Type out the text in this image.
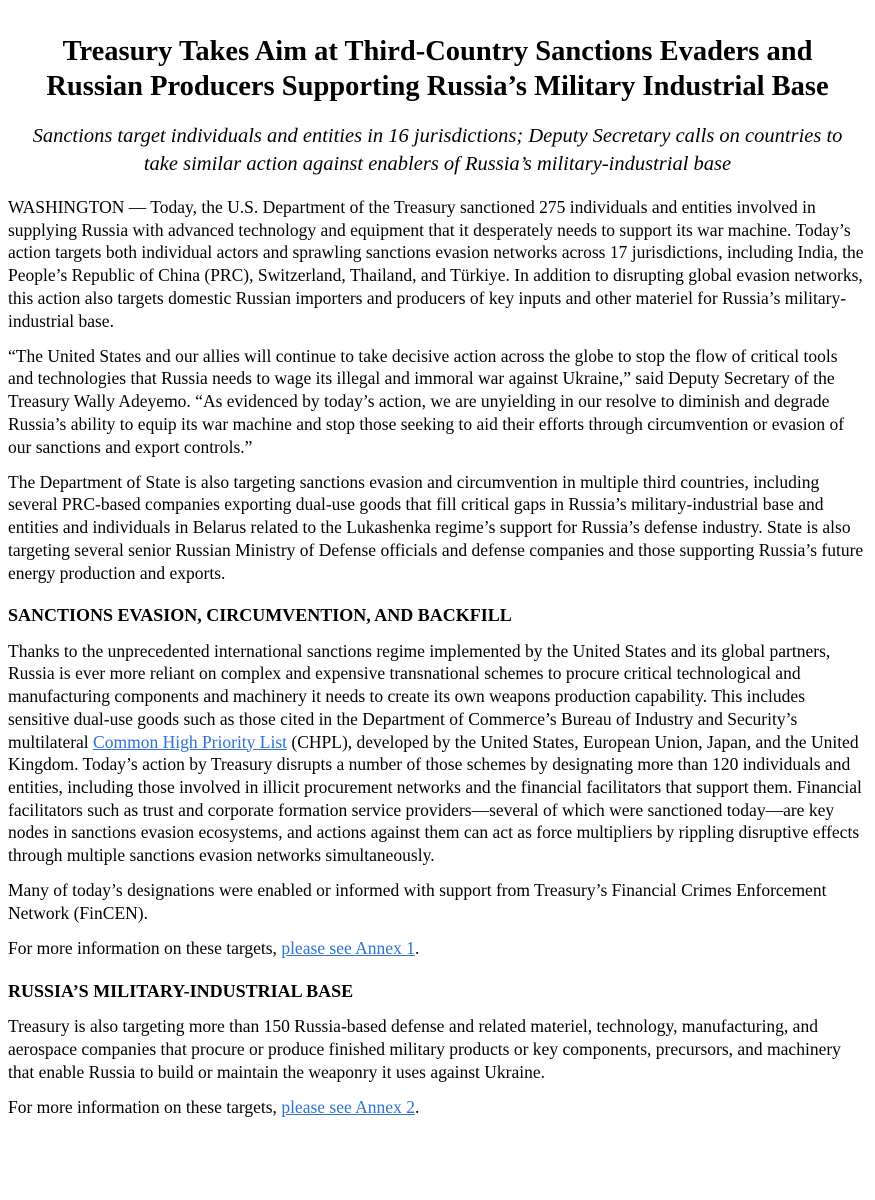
Treasury Takes Aim at Third-Country Sanctions Evaders and Russian Producers Supporting Russia’s Military Industrial Base

Sanctions target individuals and entities in 16 jurisdictions; Deputy Secretary calls on countries to take similar action against enablers of Russia’s military-industrial base

WASHINGTON — Today, the U.S. Department of the Treasury sanctioned 275 individuals and entities involved in supplying Russia with advanced technology and equipment that it desperately needs to support its war machine. Today’s action targets both individual actors and sprawling sanctions evasion networks across 17 jurisdictions, including India, the People’s Republic of China (PRC), Switzerland, Thailand, and Türkiye. In addition to disrupting global evasion networks, this action also targets domestic Russian importers and producers of key inputs and other materiel for Russia’s military-industrial base.

“The United States and our allies will continue to take decisive action across the globe to stop the flow of critical tools and technologies that Russia needs to wage its illegal and immoral war against Ukraine,” said Deputy Secretary of the Treasury Wally Adeyemo. “As evidenced by today’s action, we are unyielding in our resolve to diminish and degrade Russia’s ability to equip its war machine and stop those seeking to aid their efforts through circumvention or evasion of our sanctions and export controls.”

The Department of State is also targeting sanctions evasion and circumvention in multiple third countries, including several PRC-based companies exporting dual-use goods that fill critical gaps in Russia’s military-industrial base and entities and individuals in Belarus related to the Lukashenka regime’s support for Russia’s defense industry. State is also targeting several senior Russian Ministry of Defense officials and defense companies and those supporting Russia’s future energy production and exports.

SANCTIONS EVASION, CIRCUMVENTION, AND BACKFILL

Thanks to the unprecedented international sanctions regime implemented by the United States and its global partners, Russia is ever more reliant on complex and expensive transnational schemes to procure critical technological and manufacturing components and machinery it needs to create its own weapons production capability. This includes sensitive dual-use goods such as those cited in the Department of Commerce’s Bureau of Industry and Security’s multilateral Common High Priority List (CHPL), developed by the United States, European Union, Japan, and the United Kingdom. Today’s action by Treasury disrupts a number of those schemes by designating more than 120 individuals and entities, including those involved in illicit procurement networks and the financial facilitators that support them. Financial facilitators such as trust and corporate formation service providers—several of which were sanctioned today—are key nodes in sanctions evasion ecosystems, and actions against them can act as force multipliers by rippling disruptive effects through multiple sanctions evasion networks simultaneously.

Many of today’s designations were enabled or informed with support from Treasury’s Financial Crimes Enforcement Network (FinCEN).

For more information on these targets, please see Annex 1.

RUSSIA’S MILITARY-INDUSTRIAL BASE

Treasury is also targeting more than 150 Russia-based defense and related materiel, technology, manufacturing, and aerospace companies that procure or produce finished military products or key components, precursors, and machinery that enable Russia to build or maintain the weaponry it uses against Ukraine.

For more information on these targets, please see Annex 2.
